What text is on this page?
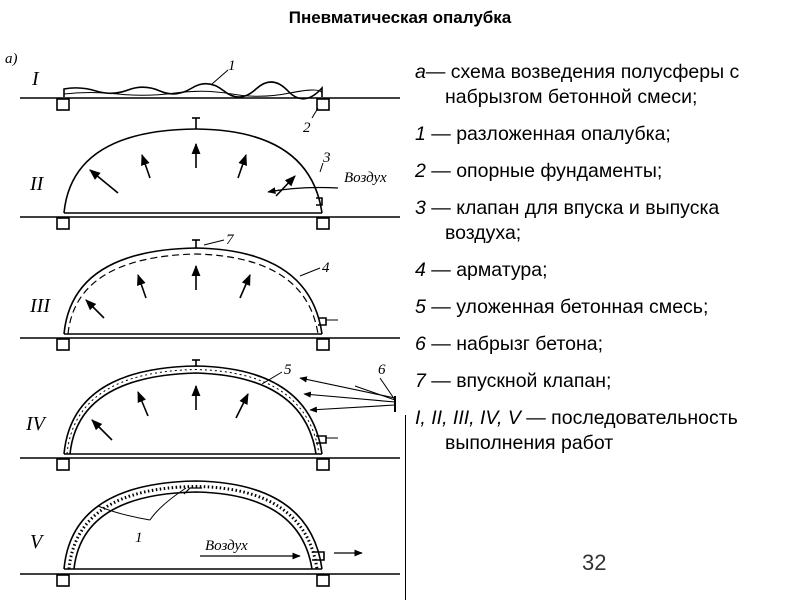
Пневматическая опалубка
a)
I
1
2
II
3
Воздух
III
7
4
IV
5	6
V	1	Воздух
а— схема возведения полусферы с набрызгом бетонной смеси;
1 — разложенная опалубка;
2 — опорные фундаменты;
3 — клапан для впуска и выпуска воздуха;
4 — арматура;
5 — уложенная бетонная смесь;
6 — набрызг бетона;
7 — впускной клапан;
I, II, III, IV, V — последовательность выполнения работ
32
